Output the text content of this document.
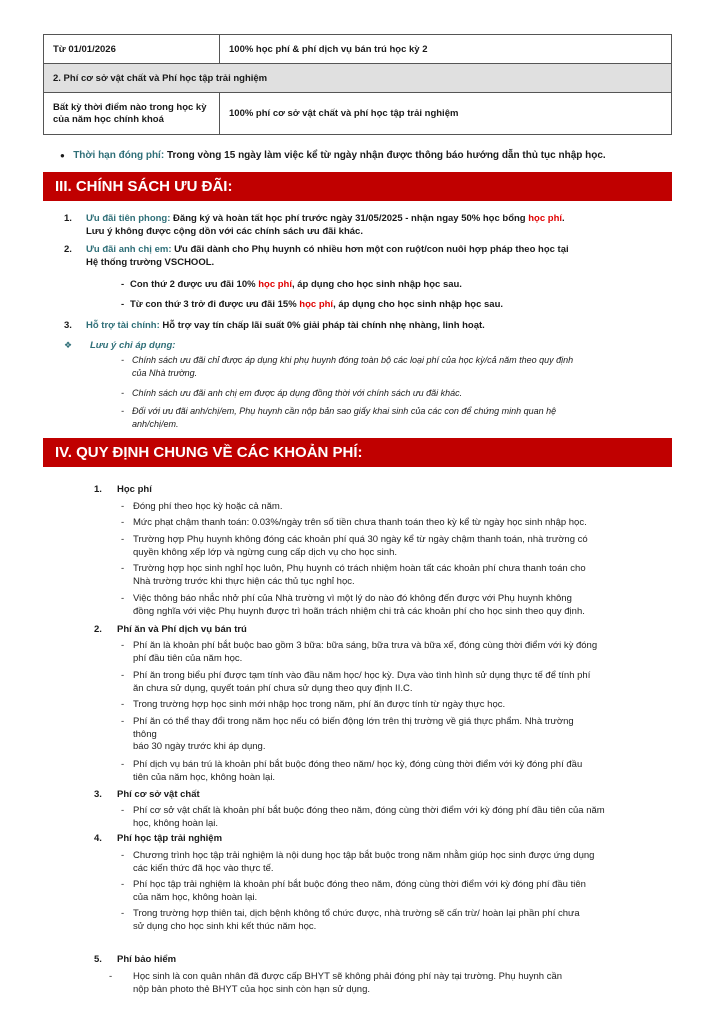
Từ 01/01/2026	100% học phí & phí dịch vụ bán trú học kỳ 2
2. Phí cơ sở vật chất và Phí học tập trải nghiệm	
Bất kỳ thời điểm nào trong học kỳ của năm học chính khoá	100% phí cơ sở vật chất và phí học tập trải nghiệm
● Thời hạn đóng phí: Trong vòng 15 ngày làm việc kể từ ngày nhận được thông báo hướng dẫn thủ tục nhập học.
III. CHÍNH SÁCH ƯU ĐÃI:
1. Ưu đãi tiên phong: Đăng ký và hoàn tất học phí trước ngày 31/05/2025 - nhận ngay 50% học bổng học phí.
Lưu ý không được cộng dồn với các chính sách ưu đãi khác.
2. Ưu đãi anh chị em: Ưu đãi dành cho Phụ huynh có nhiều hơn một con ruột/con nuôi hợp pháp theo học tại
Hệ thống trường VSCHOOL.
- Con thứ 2 được ưu đãi 10% học phí, áp dụng cho học sinh nhập học sau.
- Từ con thứ 3 trở đi được ưu đãi 15% học phí, áp dụng cho học sinh nhập học sau.
3. Hỗ trợ tài chính: Hỗ trợ vay tín chấp lãi suất 0% giải pháp tài chính nhẹ nhàng, linh hoạt.
❖ Lưu ý chỉ áp dụng:
- Chính sách ưu đãi chỉ được áp dụng khi phụ huynh đóng toàn bộ các loại phí của học kỳ/cả năm theo quy định
của Nhà trường.
- Chính sách ưu đãi anh chị em được áp dụng đồng thời với chính sách ưu đãi khác.
- Đối với ưu đãi anh/chị/em, Phụ huynh cần nộp bản sao giấy khai sinh của các con để chứng minh quan hệ
anh/chị/em.
IV. QUY ĐỊNH CHUNG VỀ CÁC KHOẢN PHÍ:
1. Học phí
- Đóng phí theo học kỳ hoặc cả năm.
- Mức phạt chậm thanh toán: 0.03%/ngày trên số tiền chưa thanh toán theo kỳ kể từ ngày học sinh nhập học.
- Trường hợp Phụ huynh không đóng các khoản phí quá 30 ngày kể từ ngày chậm thanh toán, nhà trường có
quyền không xếp lớp và ngừng cung cấp dịch vụ cho học sinh.
- Trường hợp học sinh nghỉ học luôn, Phụ huynh có trách nhiệm hoàn tất các khoản phí chưa thanh toán cho
Nhà trường trước khi thực hiện các thủ tục nghỉ học.
- Việc thông báo nhắc nhở phí của Nhà trường vì một lý do nào đó không đến được với Phụ huynh không
đồng nghĩa với việc Phụ huynh được trì hoãn trách nhiệm chi trả các khoản phí cho học sinh theo quy định.
2. Phí ăn và Phí dịch vụ bán trú
- Phí ăn là khoản phí bắt buộc bao gồm 3 bữa: bữa sáng, bữa trưa và bữa xế, đóng cùng thời điểm với kỳ đóng
phí đầu tiên của năm học.
- Phí ăn trong biểu phí được tạm tính vào đầu năm học/ học kỳ. Dựa vào tình hình sử dụng thực tế để tính phí
ăn chưa sử dụng, quyết toán phí chưa sử dụng theo quy định II.C.
- Trong trường hợp học sinh mới nhập học trong năm, phí ăn được tính từ ngày thực học.
- Phí ăn có thể thay đổi trong năm học nếu có biến động lớn trên thị trường về giá thực phẩm. Nhà trường
thông
báo 30 ngày trước khi áp dụng.
- Phí dịch vụ bán trú là khoản phí bắt buộc đóng theo năm/ học kỳ, đóng cùng thời điểm với kỳ đóng phí đầu
tiên của năm học, không hoàn lại.
3. Phí cơ sở vật chất
- Phí cơ sở vật chất là khoản phí bắt buộc đóng theo năm, đóng cùng thời điểm với kỳ đóng phí đầu tiên của năm
học, không hoàn lại.
4. Phí học tập trải nghiệm
- Chương trình học tập trải nghiệm là nội dung học tập bắt buộc trong năm nhằm giúp học sinh được ứng dụng
các kiến thức đã học vào thực tế.
- Phí học tập trải nghiệm là khoản phí bắt buộc đóng theo năm, đóng cùng thời điểm với kỳ đóng phí đầu tiên
của năm học, không hoàn lại.
- Trong trường hợp thiên tai, dịch bệnh không tổ chức được, nhà trường sẽ cấn trừ/ hoàn lại phần phí chưa
sử dụng cho học sinh khi kết thúc năm học.
5. Phí bảo hiểm
- Học sinh là con quân nhân đã được cấp BHYT sẽ không phải đóng phí này tại trường. Phụ huynh cần
nộp bản photo thẻ BHYT của học sinh còn hạn sử dụng.
